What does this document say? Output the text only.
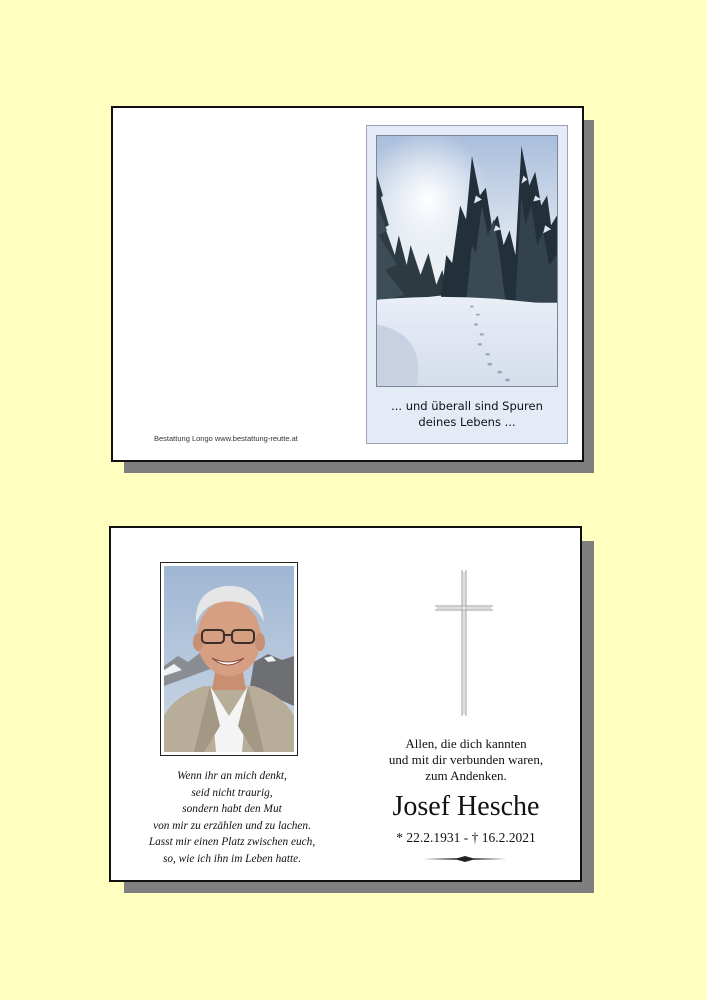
... und überall sind Spuren
deines Lebens ...
Bestattung Longo www.bestattung-reutte.at
Wenn ihr an mich denkt,
seid nicht traurig,
sondern habt den Mut
von mir zu erzählen und zu lachen.
Lasst mir einen Platz zwischen euch,
so, wie ich ihn im Leben hatte.
Allen, die dich kannten
und mit dir verbunden waren,
zum Andenken.
Josef Hesche
* 22.2.1931 - † 16.2.2021
